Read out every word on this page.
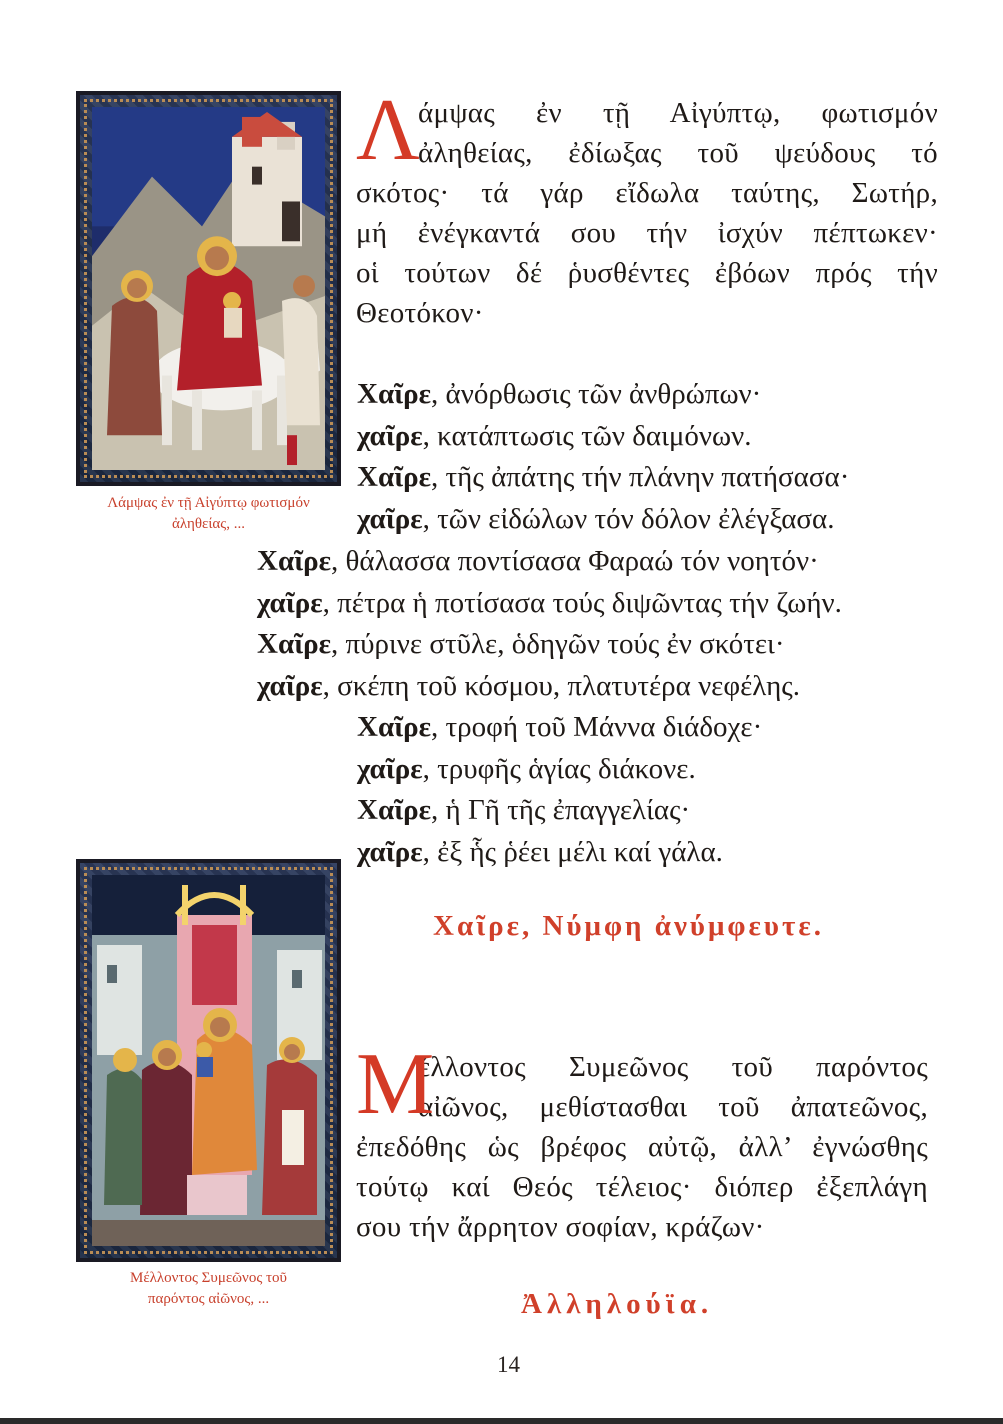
Λάμψας ἐν τῇ Αἰγύπτῳ φωτισμόν
ἀληθείας, ...
Λ
άμψας ἐν τῇ Αἰγύπτῳ, φωτισμόν
ἀληθείας, ἐδίωξας τοῦ ψεύδους τό
σκότος· τά γάρ εἴδωλα ταύτης, Σωτήρ,
μή ἐνέγκαντά σου τήν ἰσχύν πέπτωκεν·
οἱ τούτων δέ ῥυσθέντες ἐβόων πρός τήν
Θεοτόκον·
Χαῖρε, ἀνόρθωσις τῶν ἀνθρώπων·
χαῖρε, κατάπτωσις τῶν δαιμόνων.
Χαῖρε, τῆς ἀπάτης τήν πλάνην πατήσασα·
χαῖρε, τῶν εἰδώλων τόν δόλον ἐλέγξασα.
Χαῖρε, θάλασσα ποντίσασα Φαραώ τόν νοητόν·
χαῖρε, πέτρα ἡ ποτίσασα τούς διψῶντας τήν ζωήν.
Χαῖρε, πύρινε στῦλε, ὁδηγῶν τούς ἐν σκότει·
χαῖρε, σκέπη τοῦ κόσμου, πλατυτέρα νεφέλης.
Χαῖρε, τροφή τοῦ Μάννα διάδοχε·
χαῖρε, τρυφῆς ἁγίας διάκονε.
Χαῖρε, ἡ Γῆ τῆς ἐπαγγελίας·
χαῖρε, ἐξ ἧς ῥέει μέλι καί γάλα.
Χαῖρε, Νύμφη ἀνύμφευτε.
Μέλλοντος Συμεῶνος τοῦ
παρόντος αἰῶνος, ...
Μ
έλλοντος Συμεῶνος τοῦ παρόντος
αἰῶνος, μεθίστασθαι τοῦ ἀπατεῶνος,
ἐπεδόθης ὡς βρέφος αὐτῷ, ἀλλ’ ἐγνώσθης
τούτῳ καί Θεός τέλειος· διόπερ ἐξεπλάγη
σου τήν ἄρρητον σοφίαν, κράζων·
Ἀλληλούϊα.
14
